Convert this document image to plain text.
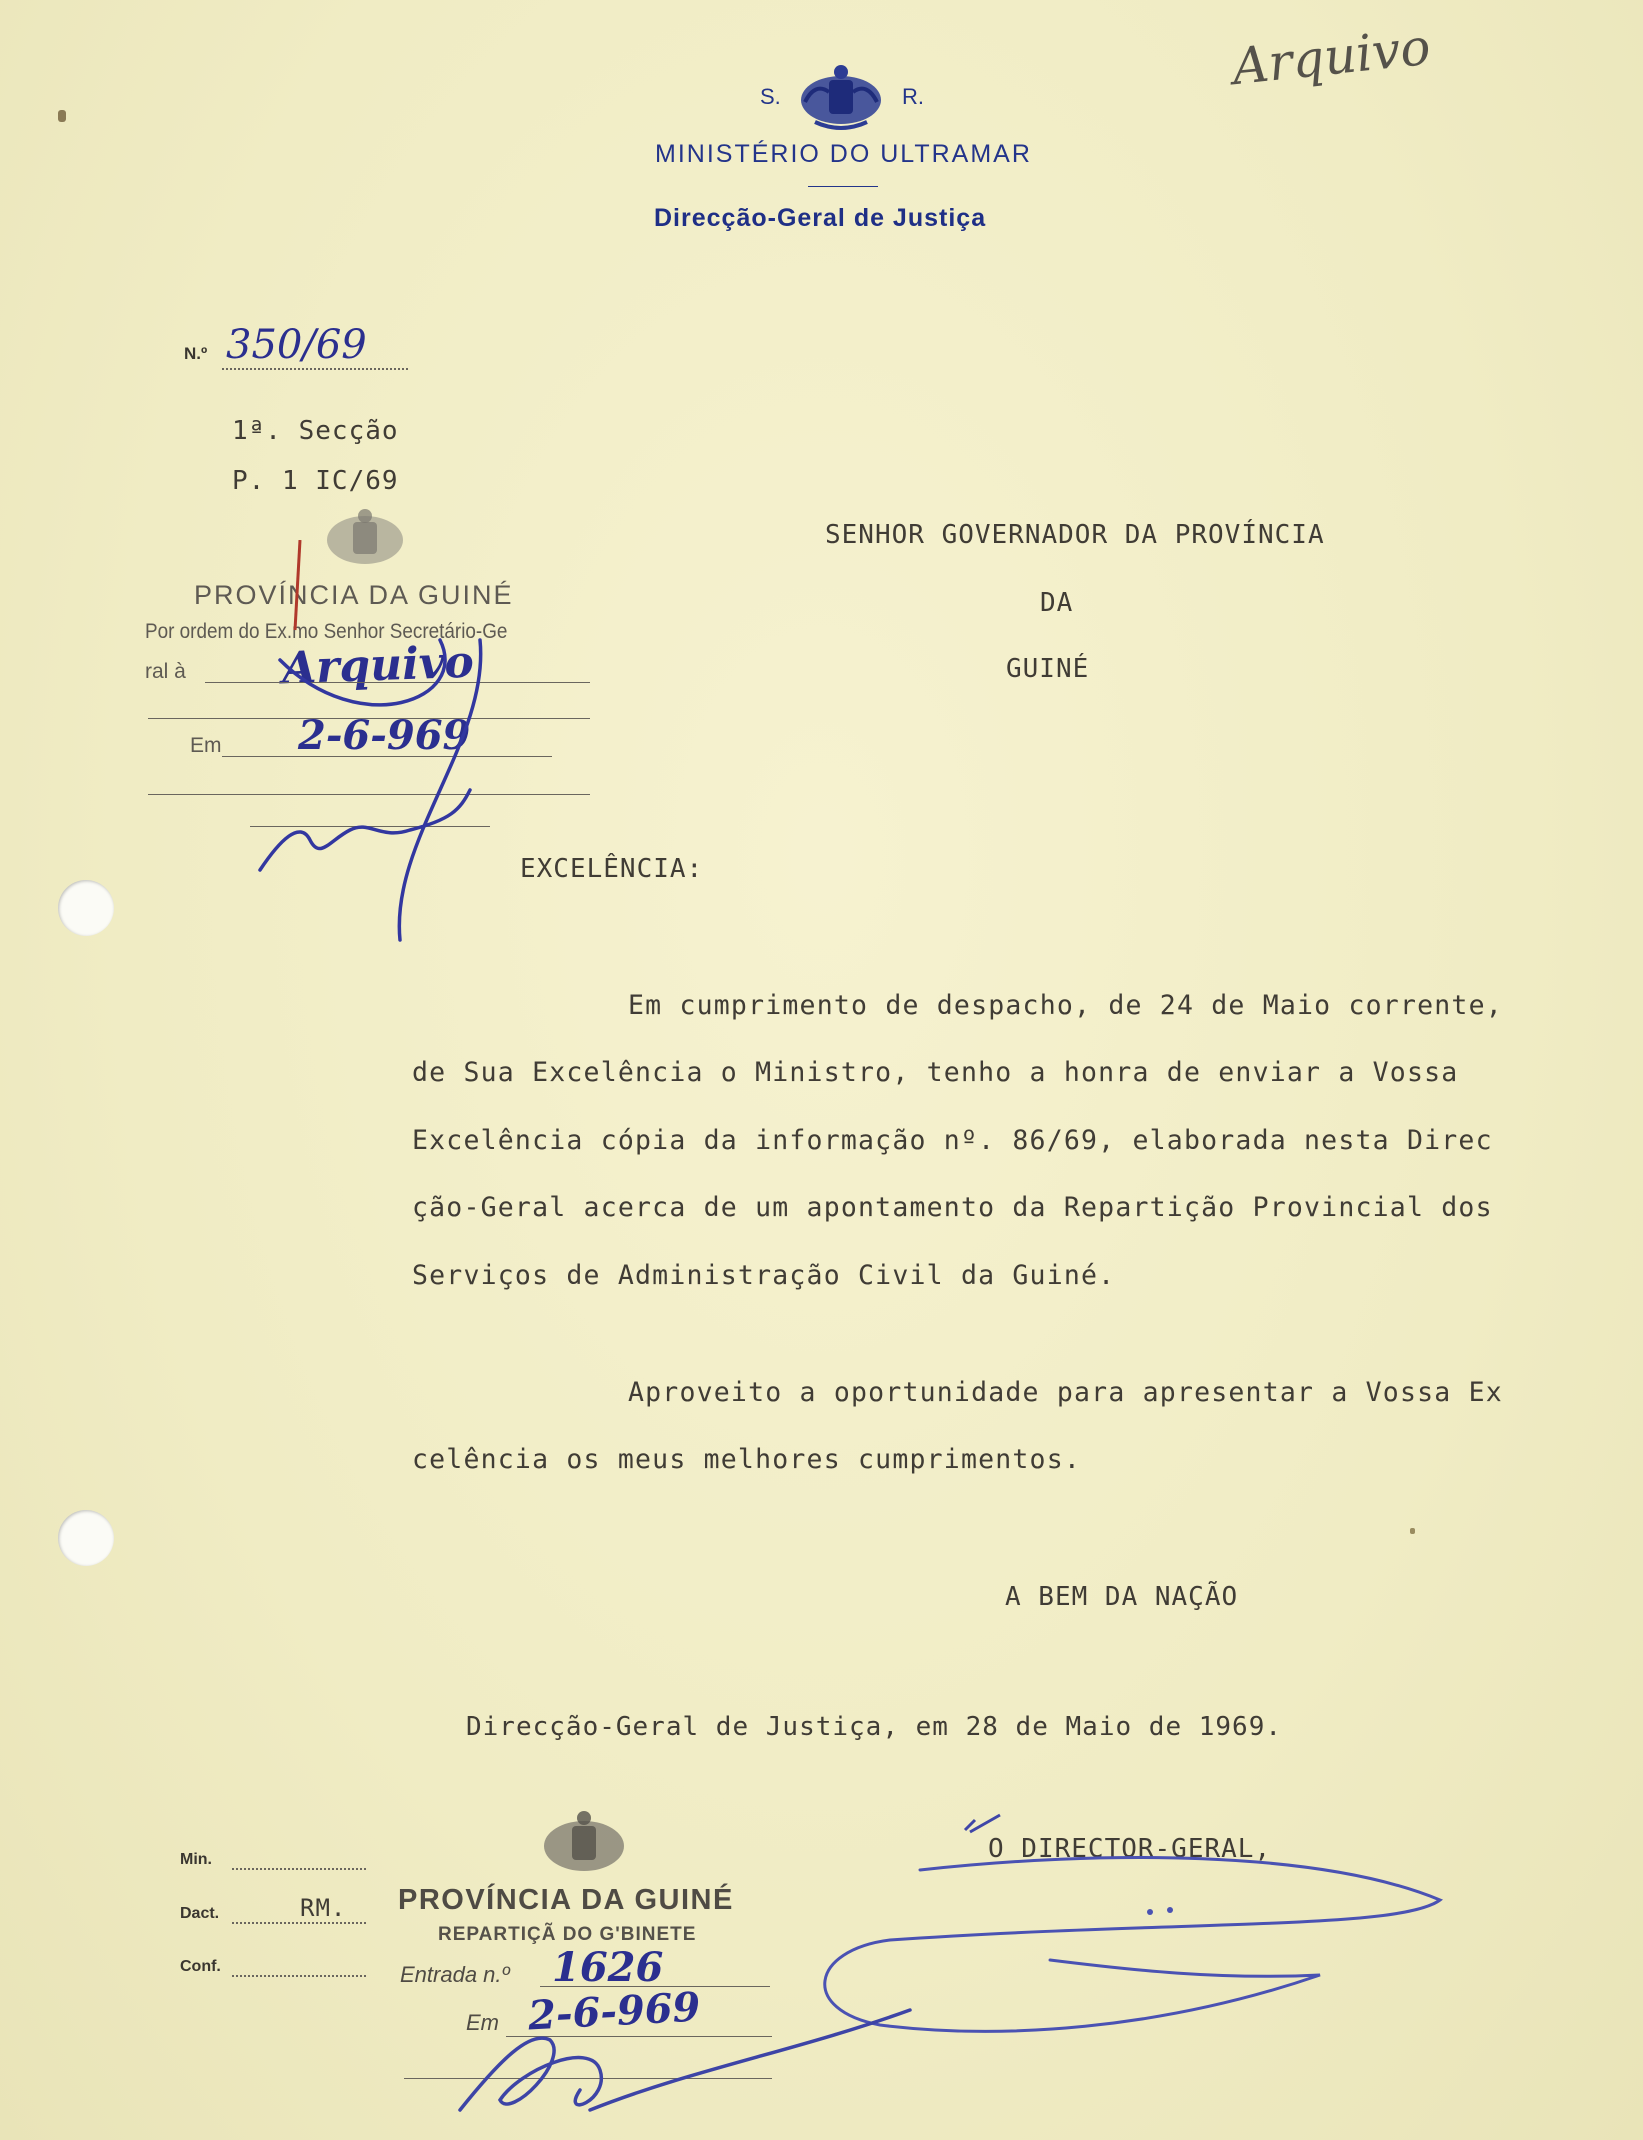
Arquivo
S.	R.
MINISTÉRIO DO ULTRAMAR
Direcção-Geral de Justiça
N.º 350/69
1ª. Secção
P. 1 IC/69
PROVÍNCIA DA GUINÉ
Por ordem do Ex.mo Senhor Secretário-Ge
ral à Arquivo
Em 2-6-969
SENHOR GOVERNADOR DA PROVÍNCIA
DA
GUINÉ
EXCELÊNCIA:
Em cumprimento de despacho, de 24 de Maio corrente,
de Sua Excelência o Ministro, tenho a honra de enviar a Vossa
Excelência cópia da informação nº. 86/69, elaborada nesta Direc
ção-Geral acerca de um apontamento da Repartição Provincial dos
Serviços de Administração Civil da Guiné.
Aproveito a oportunidade para apresentar a Vossa Ex
celência os meus melhores cumprimentos.
A BEM DA NAÇÃO
Direcção-Geral de Justiça, em 28 de Maio de 1969.
O DIRECTOR-GERAL,
Min.
Dact.	RM.
Conf.
PROVÍNCIA DA GUINÉ
REPARTIÇÃ DO G'BINETE
Entrada n.º 1626
Em 2-6-969
